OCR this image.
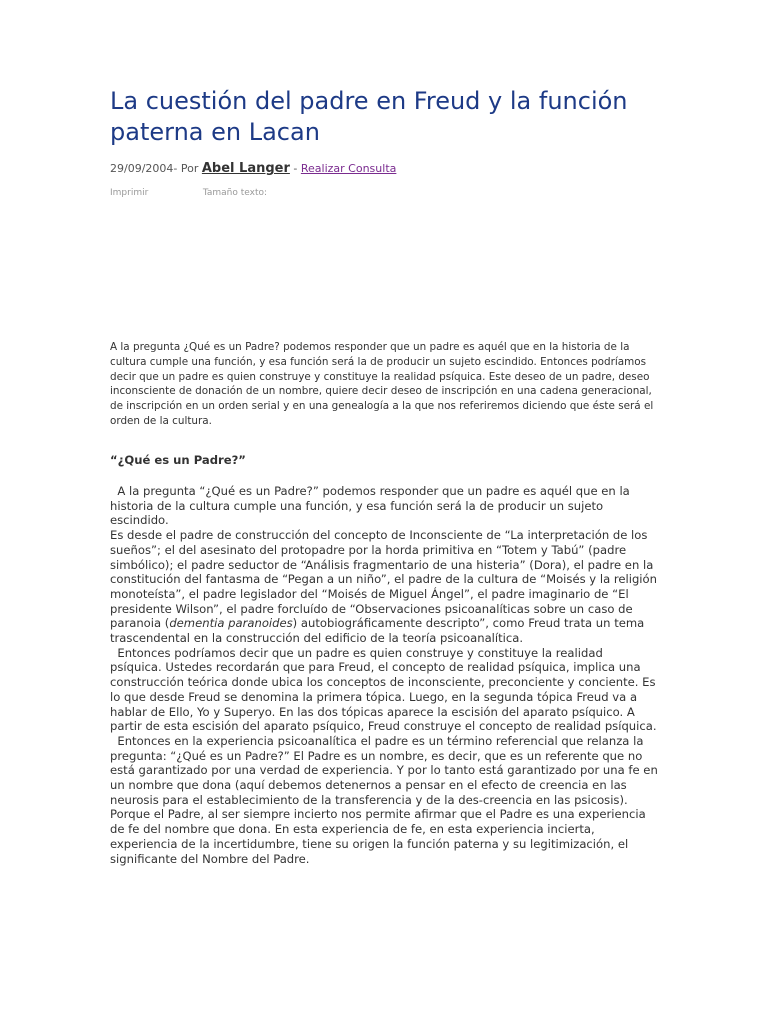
La cuestión del padre en Freud y la función paterna en Lacan
29/09/2004- Por Abel Langer - Realizar Consulta
Imprimir	Tamaño texto:

A la pregunta ¿Qué es un Padre? podemos responder que un padre es aquél que en la historia de la cultura cumple una función, y esa función será la de producir un sujeto escindido. Entonces podríamos decir que un padre es quien construye y constituye la realidad psíquica. Este deseo de un padre, deseo inconsciente de donación de un nombre, quiere decir deseo de inscripción en una cadena generacional, de inscripción en un orden serial y en una genealogía a la que nos referiremos diciendo que éste será el orden de la cultura.

“¿Qué es un Padre?”

A la pregunta “¿Qué es un Padre?” podemos responder que un padre es aquél que en la historia de la cultura cumple una función, y esa función será la de producir un sujeto escindido.

Es desde el padre de construcción del concepto de Inconsciente de “La interpretación de los sueños”; el del asesinato del protopadre por la horda primitiva en “Totem y Tabú” (padre simbólico); el padre seductor de “Análisis fragmentario de una histeria” (Dora), el padre en la constitución del fantasma de “Pegan a un niño”, el padre de la cultura de “Moisés y la religión monoteísta”, el padre legislador del “Moisés de Miguel Ángel”, el padre imaginario de “El presidente Wilson”, el padre forcluído de “Observaciones psicoanalíticas sobre un caso de paranoia (dementia paranoides) autobiográficamente descripto”, como Freud trata un tema trascendental en la construcción del edificio de la teoría psicoanalítica.

Entonces podríamos decir que un padre es quien construye y constituye la realidad psíquica. Ustedes recordarán que para Freud, el concepto de realidad psíquica, implica una construcción teórica donde ubica los conceptos de inconsciente, preconciente y conciente. Es lo que desde Freud se denomina la primera tópica. Luego, en la segunda tópica Freud va a hablar de Ello, Yo y Superyo. En las dos tópicas aparece la escisión del aparato psíquico. A partir de esta escisión del aparato psíquico, Freud construye el concepto de realidad psíquica.

Entonces en la experiencia psicoanalítica el padre es un término referencial que relanza la pregunta: “¿Qué es un Padre?” El Padre es un nombre, es decir, que es un referente que no está garantizado por una verdad de experiencia. Y por lo tanto está garantizado por una fe en un nombre que dona (aquí debemos detenernos a pensar en el efecto de creencia en las neurosis para el establecimiento de la transferencia y de la des-creencia en las psicosis). Porque el Padre, al ser siempre incierto nos permite afirmar que el Padre es una experiencia de fe del nombre que dona. En esta experiencia de fe, en esta experiencia incierta, experiencia de la incertidumbre, tiene su origen la función paterna y su legitimización, el significante del Nombre del Padre.
